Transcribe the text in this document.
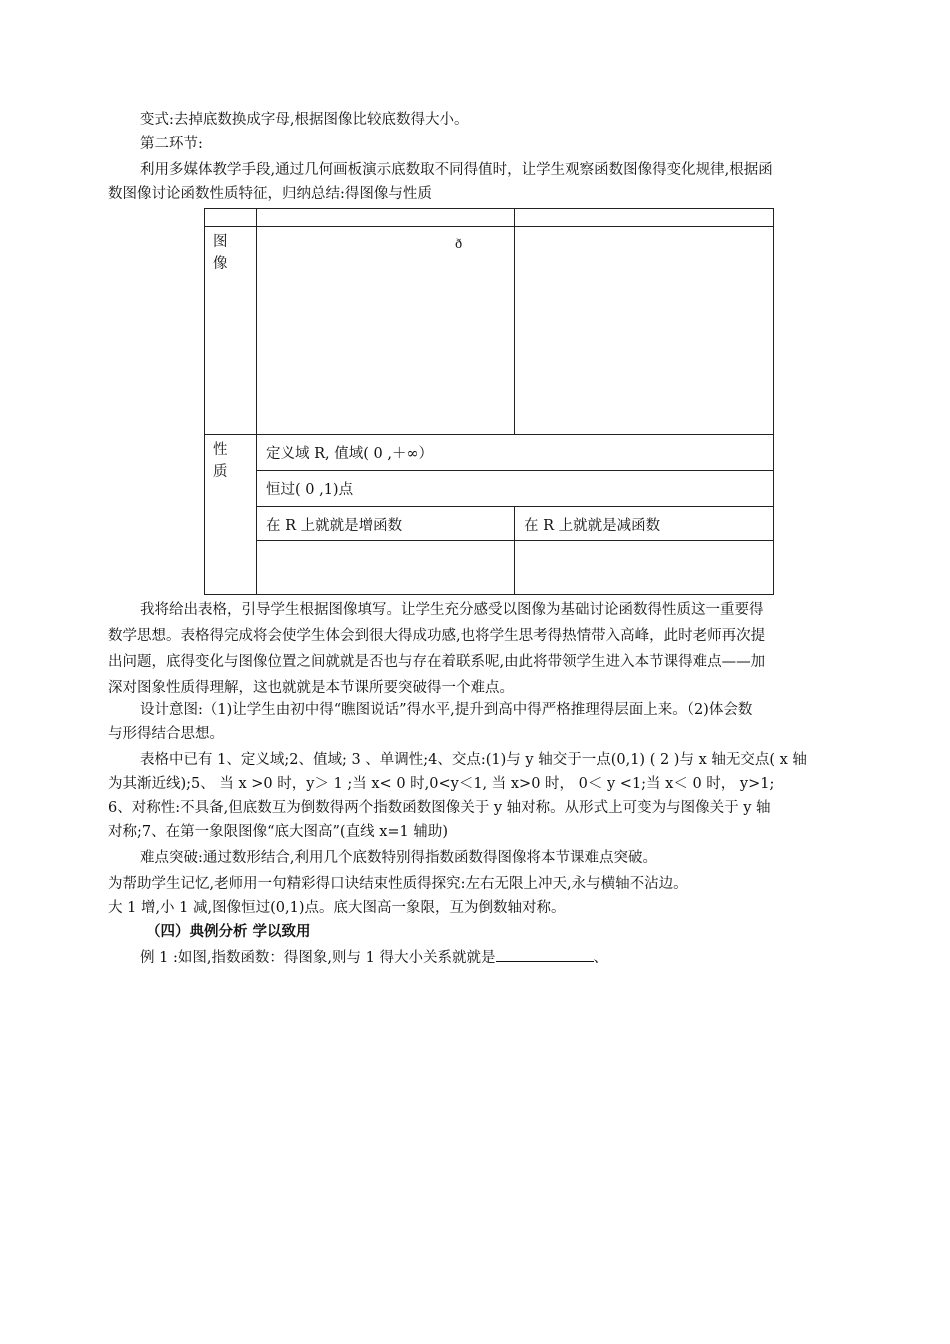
变式:去掉底数换成字母,根据图像比较底数得大小。
第二环节:
利用多媒体教学手段,通过几何画板演示底数取不同得值时，让学生观察函数图像得变化规律,根据函
数图像讨论函数性质特征，归纳总结:得图像与性质

图
像	ð	

性
质	定义域 R, 值域( 0 ,＋∞）	
	恒过( 0 ,1)点	
	在 R 上就就是增函数	在 R 上就就是减函数

我将给出表格，引导学生根据图像填写。让学生充分感受以图像为基础讨论函数得性质这一重要得
数学思想。表格得完成将会使学生体会到很大得成功感,也将学生思考得热情带入高峰，此时老师再次提
出问题，底得变化与图像位置之间就就是否也与存在着联系呢,由此将带领学生进入本节课得难点——加
深对图象性质得理解，这也就就是本节课所要突破得一个难点。
设计意图:（1)让学生由初中得“瞧图说话”得水平,提升到高中得严格推理得层面上来。（2)体会数
与形得结合思想。
表格中已有 1、定义域;2、值域; 3 、单调性;4、交点:(1)与 y 轴交于一点(0,1) ( 2 )与 x 轴无交点( x 轴
为其渐近线);5、 当 x >0 时，y＞ 1 ;当 x< 0 时,0<y＜1, 当 x>0 时， 0＜ y <1;当 x＜ 0 时， y>1;
6、对称性:不具备,但底数互为倒数得两个指数函数图像关于 y 轴对称。从形式上可变为与图像关于 y 轴
对称;7、在第一象限图像“底大图高”(直线 x=1 辅助)
难点突破:通过数形结合,利用几个底数特别得指数函数得图像将本节课难点突破。
为帮助学生记忆,老师用一句精彩得口诀结束性质得探究:左右无限上冲天,永与横轴不沾边。
大 1 增,小 1 减,图像恒过(0,1)点。底大图高一象限，互为倒数轴对称。
（四）典例分析 学以致用
例 1 :如图,指数函数：得图象,则与 1 得大小关系就就是	、
